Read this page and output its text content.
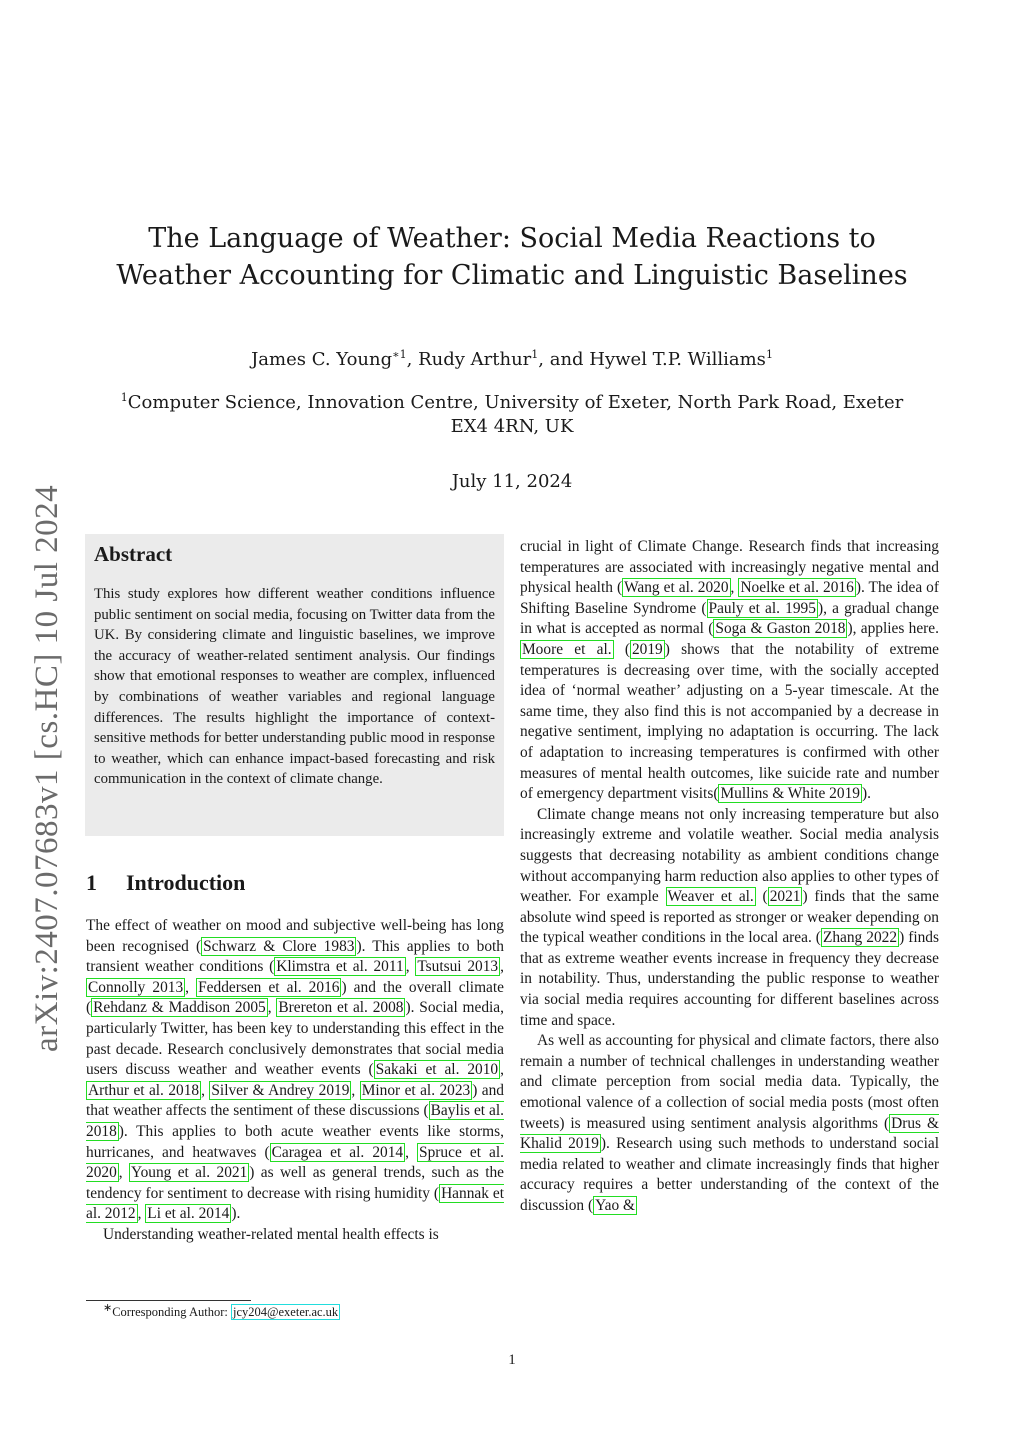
arXiv:2407.07683v1 [cs.HC] 10 Jul 2024
The Language of Weather: Social Media Reactions to Weather Accounting for Climatic and Linguistic Baselines
James C. Young$^{∗1}$, Rudy Arthur$^1$, and Hywel T.P. Williams$^1$
$^1$Computer Science, Innovation Centre, University of Exeter, North Park Road, Exeter EX4 4RN, UK
July 11, 2024
Abstract

This study explores how different weather conditions influence public sentiment on social media, focusing on Twitter data from the UK. By considering climate and linguistic baselines, we improve the accuracy of weather-related sentiment analysis. Our findings show that emotional responses to weather are complex, influenced by combinations of weather variables and regional language differences. The results highlight the importance of context-sensitive methods for better understanding public mood in response to weather, which can enhance impact-based forecasting and risk communication in the context of climate change.

1 Introduction

The effect of weather on mood and subjective well-being has long been recognised ( Schwarz & Clore 1983 ). This applies to both transient weather conditions ( Klimstra et al. 2011 , Tsutsui 2013 , Connolly 2013 , Feddersen et al. 2016 ) and the overall climate ( Rehdanz & Maddison 2005 , Brereton et al. 2008 ). Social media, particularly Twitter, has been key to understanding this effect in the past decade. Research conclusively demonstrates that social media users discuss weather and weather events ( Sakaki et al. 2010 , Arthur et al. 2018 , Silver & Andrey 2019 , Minor et al. 2023 ) and that weather affects the sentiment of these discussions ( Baylis et al. 2018 ). This applies to both acute weather events like storms, hurricanes, and heatwaves ( Caragea et al. 2014 , Spruce et al. 2020 , Young et al. 2021 ) as well as general trends, such as the tendency for sentiment to decrease with rising humidity ( Hannak et al. 2012 , Li et al. 2014 ).

Understanding weather-related mental health effects is

crucial in light of Climate Change. Research finds that increasing temperatures are associated with increasingly negative mental and physical health ( Wang et al. 2020 , Noelke et al. 2016 ). The idea of Shifting Baseline Syndrome ( Pauly et al. 1995 ), a gradual change in what is accepted as normal ( Soga & Gaston 2018 ), applies here. Moore et al. ( 2019 ) shows that the notability of extreme temperatures is decreasing over time, with the socially accepted idea of ‘normal weather’ adjusting on a 5-year timescale. At the same time, they also find this is not accompanied by a decrease in negative sentiment, implying no adaptation is occurring. The lack of adaptation to increasing temperatures is confirmed with other measures of mental health outcomes, like suicide rate and number of emergency department visits( Mullins & White 2019 ).

Climate change means not only increasing temperature but also increasingly extreme and volatile weather. Social media analysis suggests that decreasing notability as ambient conditions change without accompanying harm reduction also applies to other types of weather. For example Weaver et al. ( 2021 ) finds that the same absolute wind speed is reported as stronger or weaker depending on the typical weather conditions in the local area. ( Zhang 2022 ) finds that as extreme weather events increase in frequency they decrease in notability. Thus, understanding the public response to weather via social media requires accounting for different baselines across time and space.

As well as accounting for physical and climate factors, there also remain a number of technical challenges in understanding weather and climate perception from social media data. Typically, the emotional valence of a collection of social media posts (most often tweets) is measured using sentiment analysis algorithms ( Drus & Khalid 2019 ). Research using such methods to understand social media related to weather and climate increasingly finds that higher accuracy requires a better understanding of the context of the discussion ( Yao &

∗Corresponding Author: jcy204@exeter.ac.uk
1
